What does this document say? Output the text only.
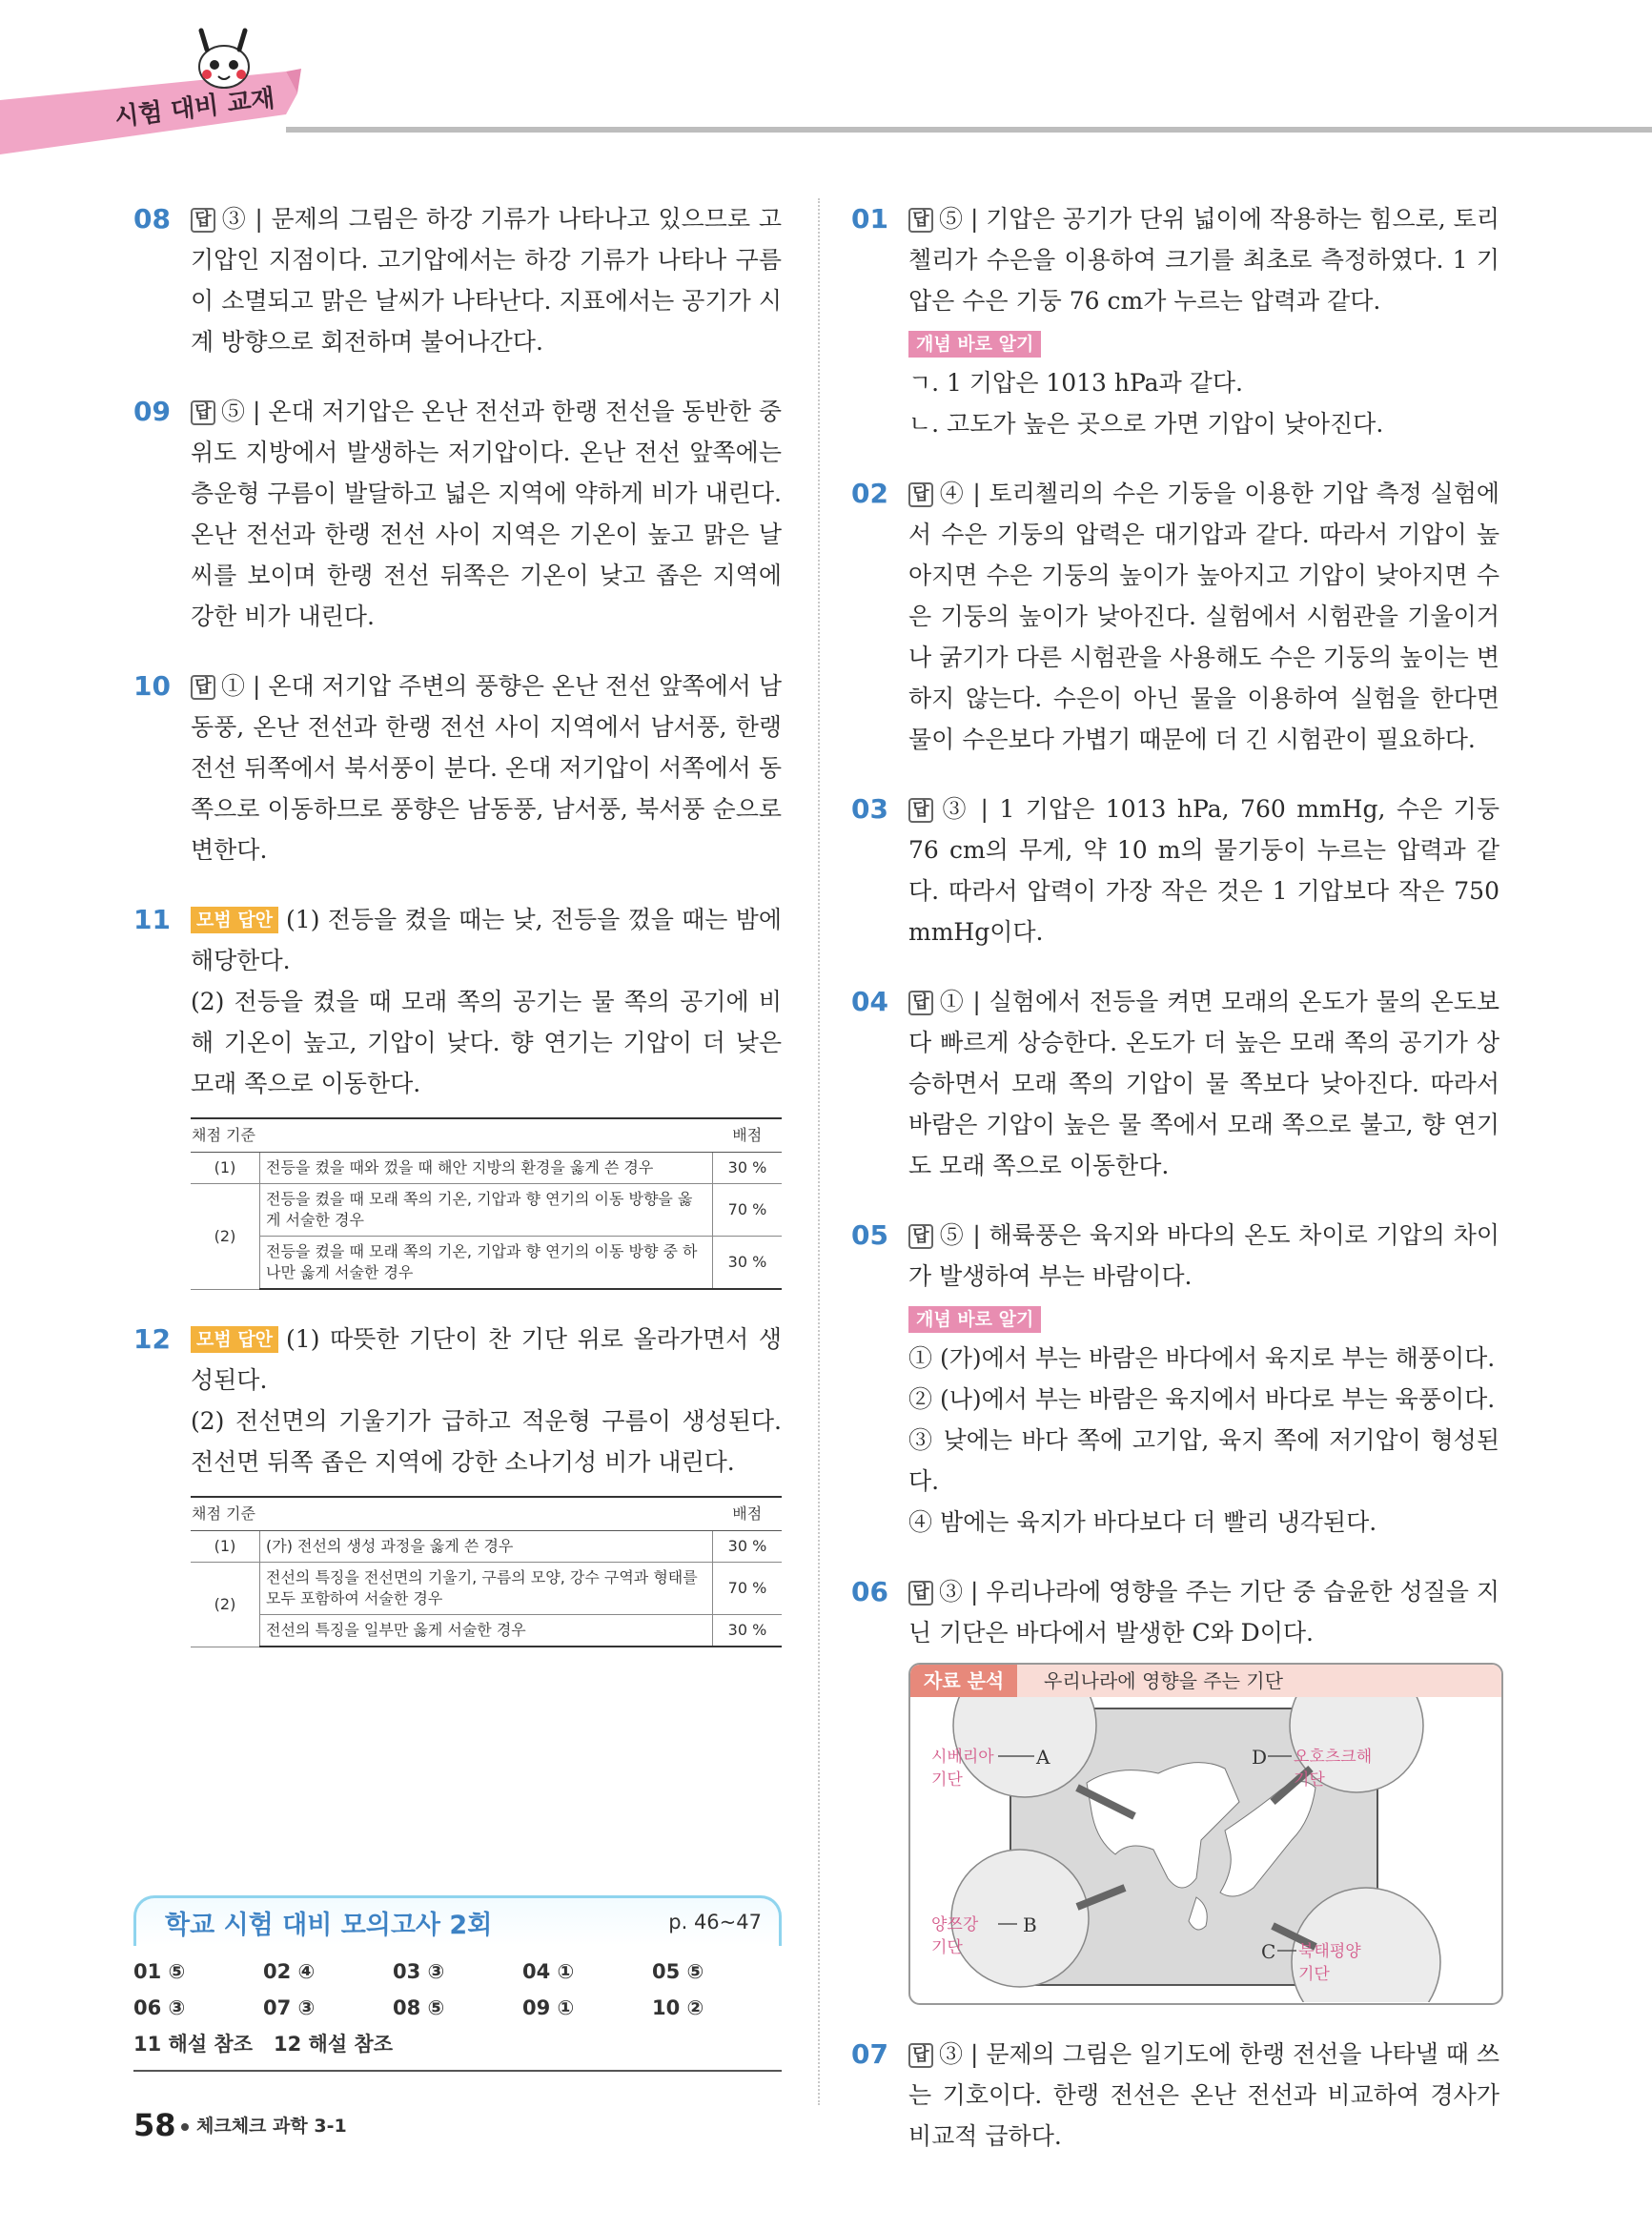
시험 대비 교재
08 답 ③ | 문제의 그림은 하강 기류가 나타나고 있으므로 고기압인 지점이다. 고기압에서는 하강 기류가 나타나 구름이 소멸되고 맑은 날씨가 나타난다. 지표에서는 공기가 시계 방향으로 회전하며 불어나간다.
09 답 ⑤ | 온대 저기압은 온난 전선과 한랭 전선을 동반한 중위도 지방에서 발생하는 저기압이다. 온난 전선 앞쪽에는 층운형 구름이 발달하고 넓은 지역에 약하게 비가 내린다. 온난 전선과 한랭 전선 사이 지역은 기온이 높고 맑은 날씨를 보이며 한랭 전선 뒤쪽은 기온이 낮고 좁은 지역에 강한 비가 내린다.
10 답 ① | 온대 저기압 주변의 풍향은 온난 전선 앞쪽에서 남동풍, 온난 전선과 한랭 전선 사이 지역에서 남서풍, 한랭 전선 뒤쪽에서 북서풍이 분다. 온대 저기압이 서쪽에서 동쪽으로 이동하므로 풍향은 남동풍, 남서풍, 북서풍 순으로 변한다.
11 모범 답안 (1) 전등을 켰을 때는 낮, 전등을 껐을 때는 밤에 해당한다.
(2) 전등을 켰을 때 모래 쪽의 공기는 물 쪽의 공기에 비해 기온이 높고, 기압이 낮다. 향 연기는 기압이 더 낮은 모래 쪽으로 이동한다.
채점 기준		배점
(1)	전등을 켰을 때와 껐을 때 해안 지방의 환경을 옳게 쓴 경우	30 %
(2)	전등을 켰을 때 모래 쪽의 기온, 기압과 향 연기의 이동 방향을 옳게 서술한 경우	70 %
	전등을 켰을 때 모래 쪽의 기온, 기압과 향 연기의 이동 방향 중 하나만 옳게 서술한 경우	30 %
12 모범 답안 (1) 따뜻한 기단이 찬 기단 위로 올라가면서 생성된다.
(2) 전선면의 기울기가 급하고 적운형 구름이 생성된다. 전선면 뒤쪽 좁은 지역에 강한 소나기성 비가 내린다.
채점 기준		배점
(1)	(가) 전선의 생성 과정을 옳게 쓴 경우	30 %
(2)	전선의 특징을 전선면의 기울기, 구름의 모양, 강수 구역과 형태를 모두 포함하여 서술한 경우	70 %
	전선의 특징을 일부만 옳게 서술한 경우	30 %
학교 시험 대비 모의고사 2회	p. 46~47
01 ⑤	02 ④	03 ③	04 ①	05 ⑤
06 ③	07 ③	08 ⑤	09 ①	10 ②
11 해설 참조 12 해설 참조
01 답 ⑤ | 기압은 공기가 단위 넓이에 작용하는 힘으로, 토리첼리가 수은을 이용하여 크기를 최초로 측정하였다. 1 기압은 수은 기둥 76 cm가 누르는 압력과 같다.
개념 바로 알기
ㄱ. 1 기압은 1013 hPa과 같다.
ㄴ. 고도가 높은 곳으로 가면 기압이 낮아진다.
02 답 ④ | 토리첼리의 수은 기둥을 이용한 기압 측정 실험에서 수은 기둥의 압력은 대기압과 같다. 따라서 기압이 높아지면 수은 기둥의 높이가 높아지고 기압이 낮아지면 수은 기둥의 높이가 낮아진다. 실험에서 시험관을 기울이거나 굵기가 다른 시험관을 사용해도 수은 기둥의 높이는 변하지 않는다. 수은이 아닌 물을 이용하여 실험을 한다면 물이 수은보다 가볍기 때문에 더 긴 시험관이 필요하다.
03 답 ③ | 1 기압은 1013 hPa, 760 mmHg, 수은 기둥 76 cm의 무게, 약 10 m의 물기둥이 누르는 압력과 같다. 따라서 압력이 가장 작은 것은 1 기압보다 작은 750 mmHg이다.
04 답 ① | 실험에서 전등을 켜면 모래의 온도가 물의 온도보다 빠르게 상승한다. 온도가 더 높은 모래 쪽의 공기가 상승하면서 모래 쪽의 기압이 물 쪽보다 낮아진다. 따라서 바람은 기압이 높은 물 쪽에서 모래 쪽으로 불고, 향 연기도 모래 쪽으로 이동한다.
05 답 ⑤ | 해륙풍은 육지와 바다의 온도 차이로 기압의 차이가 발생하여 부는 바람이다.
개념 바로 알기
① (가)에서 부는 바람은 바다에서 육지로 부는 해풍이다.
② (나)에서 부는 바람은 육지에서 바다로 부는 육풍이다.
③ 낮에는 바다 쪽에 고기압, 육지 쪽에 저기압이 형성된다.
④ 밤에는 육지가 바다보다 더 빨리 냉각된다.
06 답 ③ | 우리나라에 영향을 주는 기단 중 습윤한 성질을 지닌 기단은 바다에서 발생한 C와 D이다.
자료 분석	우리나라에 영향을 주는 기단
시베리아
기단
A	D 오호츠크해
기단
양쯔강
기단
B
C 북태평양
기단
07 답 ③ | 문제의 그림은 일기도에 한랭 전선을 나타낼 때 쓰는 기호이다. 한랭 전선은 온난 전선과 비교하여 경사가 비교적 급하다.
58 체크체크 과학 3-1
